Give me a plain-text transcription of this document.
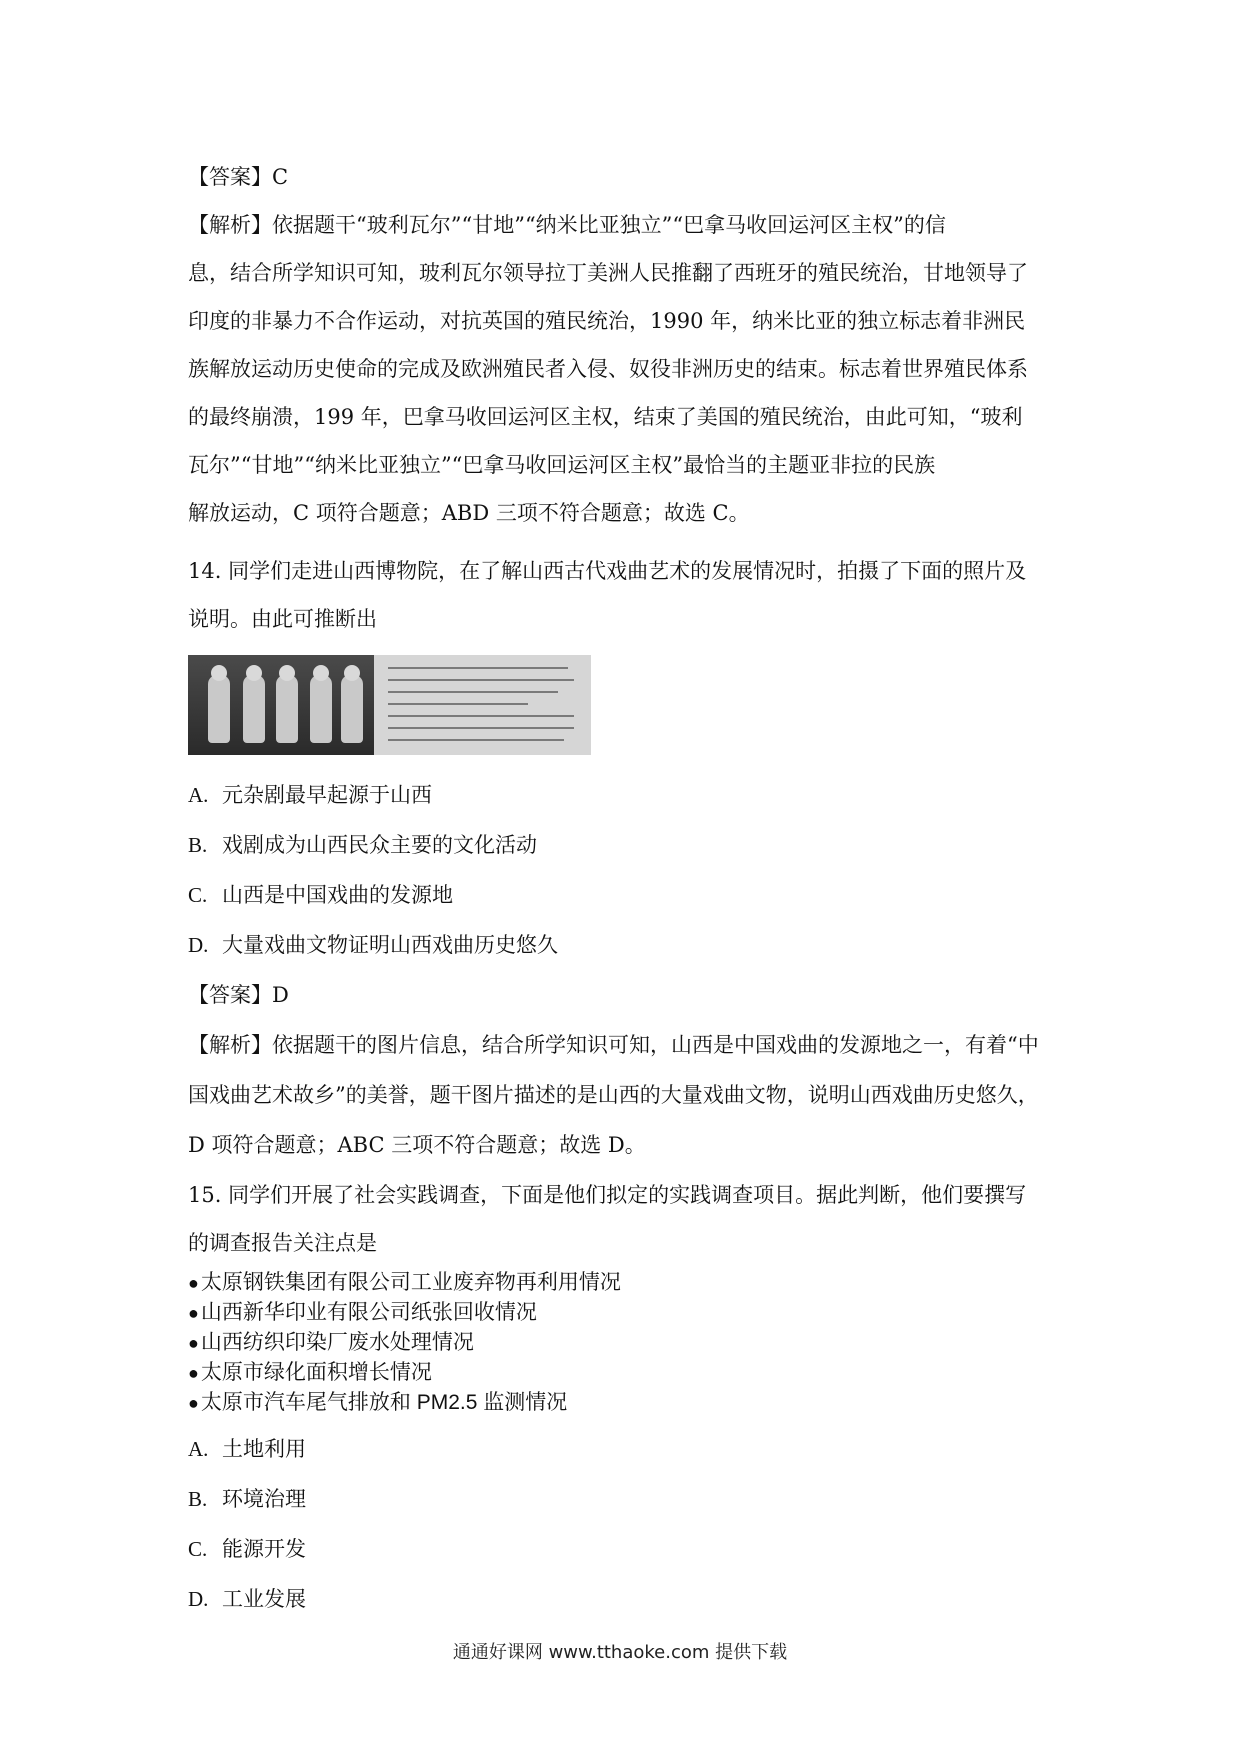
【答案】C
【解析】依据题干“玻利瓦尔”“甘地”“纳米比亚独立”“巴拿马收回运河区主权”的信
息，结合所学知识可知，玻利瓦尔领导拉丁美洲人民推翻了西班牙的殖民统治，甘地领导了
印度的非暴力不合作运动，对抗英国的殖民统治，1990 年，纳米比亚的独立标志着非洲民
族解放运动历史使命的完成及欧洲殖民者入侵、奴役非洲历史的结束。标志着世界殖民体系
的最终崩溃，199 年，巴拿马收回运河区主权，结束了美国的殖民统治，由此可知，“玻利
瓦尔”“甘地”“纳米比亚独立”“巴拿马收回运河区主权”最恰当的主题亚非拉的民族
解放运动，C 项符合题意；ABD 三项不符合题意；故选 C。
14. 同学们走进山西博物院，在了解山西古代戏曲艺术的发展情况时，拍摄了下面的照片及
说明。由此可推断出
A. 元杂剧最早起源于山西
B. 戏剧成为山西民众主要的文化活动
C. 山西是中国戏曲的发源地
D. 大量戏曲文物证明山西戏曲历史悠久
【答案】D
【解析】依据题干的图片信息，结合所学知识可知，山西是中国戏曲的发源地之一，有着“中
国戏曲艺术故乡”的美誉，题干图片描述的是山西的大量戏曲文物，说明山西戏曲历史悠久，
D 项符合题意；ABC 三项不符合题意；故选 D。
15. 同学们开展了社会实践调查，下面是他们拟定的实践调查项目。据此判断，他们要撰写
的调查报告关注点是
●太原钢铁集团有限公司工业废弃物再利用情况
●山西新华印业有限公司纸张回收情况
●山西纺织印染厂废水处理情况
●太原市绿化面积增长情况
●太原市汽车尾气排放和 PM2.5 监测情况
A. 土地利用
B. 环境治理
C. 能源开发
D. 工业发展
通通好课网 www.tthaoke.com 提供下载
